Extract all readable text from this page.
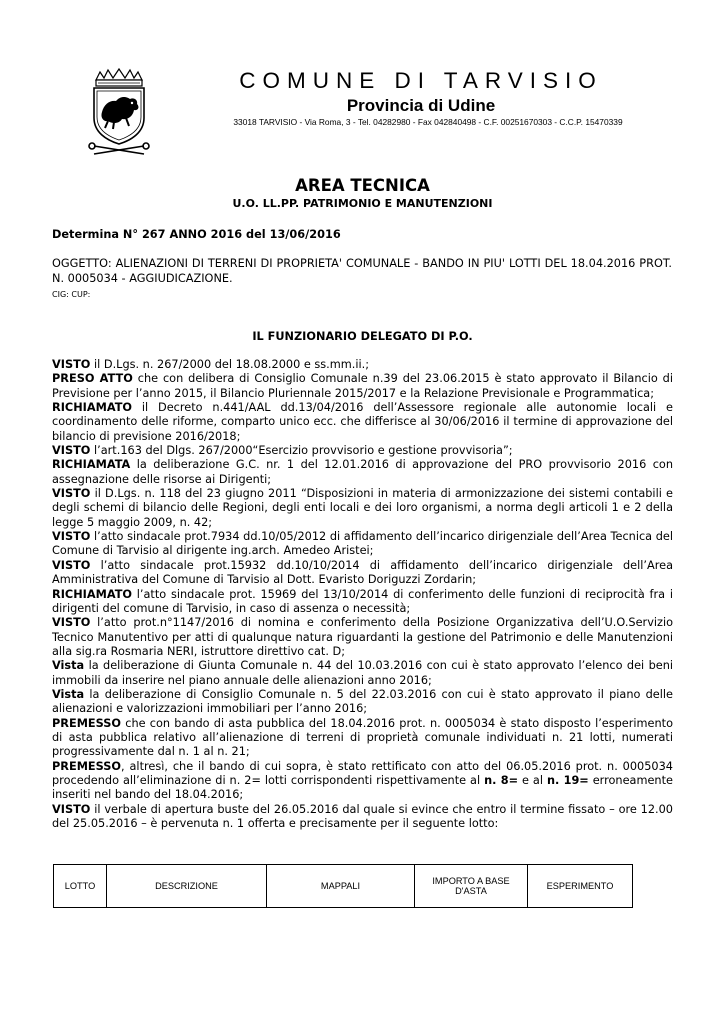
COMUNE DI TARVISIO
Provincia di Udine
33018 TARVISIO - Via Roma, 3 - Tel. 04282980 - Fax 042840498 - C.F. 00251670303 - C.C.P. 15470339
AREA TECNICA
U.O. LL.PP. PATRIMONIO E MANUTENZIONI
Determina N° 267 ANNO 2016 del 13/06/2016
OGGETTO: ALIENAZIONI DI TERRENI DI PROPRIETA' COMUNALE - BANDO IN PIU' LOTTI DEL 18.04.2016 PROT. N. 0005034 - AGGIUDICAZIONE.
CIG: CUP:
IL FUNZIONARIO DELEGATO DI P.O.

VISTO il D.Lgs. n. 267/2000 del 18.08.2000 e ss.mm.ii.;

PRESO ATTO che con delibera di Consiglio Comunale n.39 del 23.06.2015 è stato approvato il Bilancio di Previsione per l’anno 2015, il Bilancio Pluriennale 2015/2017 e la Relazione Previsionale e Programmatica;

RICHIAMATO il Decreto n.441/AAL dd.13/04/2016 dell’Assessore regionale alle autonomie locali e coordinamento delle riforme, comparto unico ecc. che differisce al 30/06/2016 il termine di approvazione del bilancio di previsione 2016/2018;

VISTO l’art.163 del Dlgs. 267/2000“Esercizio provvisorio e gestione provvisoria”;

RICHIAMATA la deliberazione G.C. nr. 1 del 12.01.2016 di approvazione del PRO provvisorio 2016 con assegnazione delle risorse ai Dirigenti;

VISTO il D.Lgs. n. 118 del 23 giugno 2011 “Disposizioni in materia di armonizzazione dei sistemi contabili e degli schemi di bilancio delle Regioni, degli enti locali e dei loro organismi, a norma degli articoli 1 e 2 della legge 5 maggio 2009, n. 42;

VISTO l’atto sindacale prot.7934 dd.10/05/2012 di affidamento dell’incarico dirigenziale dell’Area Tecnica del Comune di Tarvisio al dirigente ing.arch. Amedeo Aristei;

VISTO l’atto sindacale prot.15932 dd.10/10/2014 di affidamento dell’incarico dirigenziale dell’Area Amministrativa del Comune di Tarvisio al Dott. Evaristo Doriguzzi Zordarin;

RICHIAMATO l’atto sindacale prot. 15969 del 13/10/2014 di conferimento delle funzioni di reciprocità fra i dirigenti del comune di Tarvisio, in caso di assenza o necessità;

VISTO l’atto prot.n°1147/2016 di nomina e conferimento della Posizione Organizzativa dell’U.O.Servizio Tecnico Manutentivo per atti di qualunque natura riguardanti la gestione del Patrimonio e delle Manutenzioni alla sig.ra Rosmaria NERI, istruttore direttivo cat. D;

Vista la deliberazione di Giunta Comunale n. 44 del 10.03.2016 con cui è stato approvato l’elenco dei beni immobili da inserire nel piano annuale delle alienazioni anno 2016;

Vista la deliberazione di Consiglio Comunale n. 5 del 22.03.2016 con cui è stato approvato il piano delle alienazioni e valorizzazioni immobiliari per l’anno 2016;

PREMESSO che con bando di asta pubblica del 18.04.2016 prot. n. 0005034 è stato disposto l’esperimento di asta pubblica relativo all’alienazione di terreni di proprietà comunale individuati n. 21 lotti, numerati progressivamente dal n. 1 al n. 21;

PREMESSO, altresì, che il bando di cui sopra, è stato rettificato con atto del 06.05.2016 prot. n. 0005034 procedendo all’eliminazione di n. 2= lotti corrispondenti rispettivamente al n. 8= e al n. 19= erroneamente inseriti nel bando del 18.04.2016;

VISTO il verbale di apertura buste del 26.05.2016 dal quale si evince che entro il termine fissato – ore 12.00 del 25.05.2016 – è pervenuta n. 1 offerta e precisamente per il seguente lotto:

LOTTO	DESCRIZIONE	MAPPALI	IMPORTO A BASE D'ASTA	ESPERIMENTO
